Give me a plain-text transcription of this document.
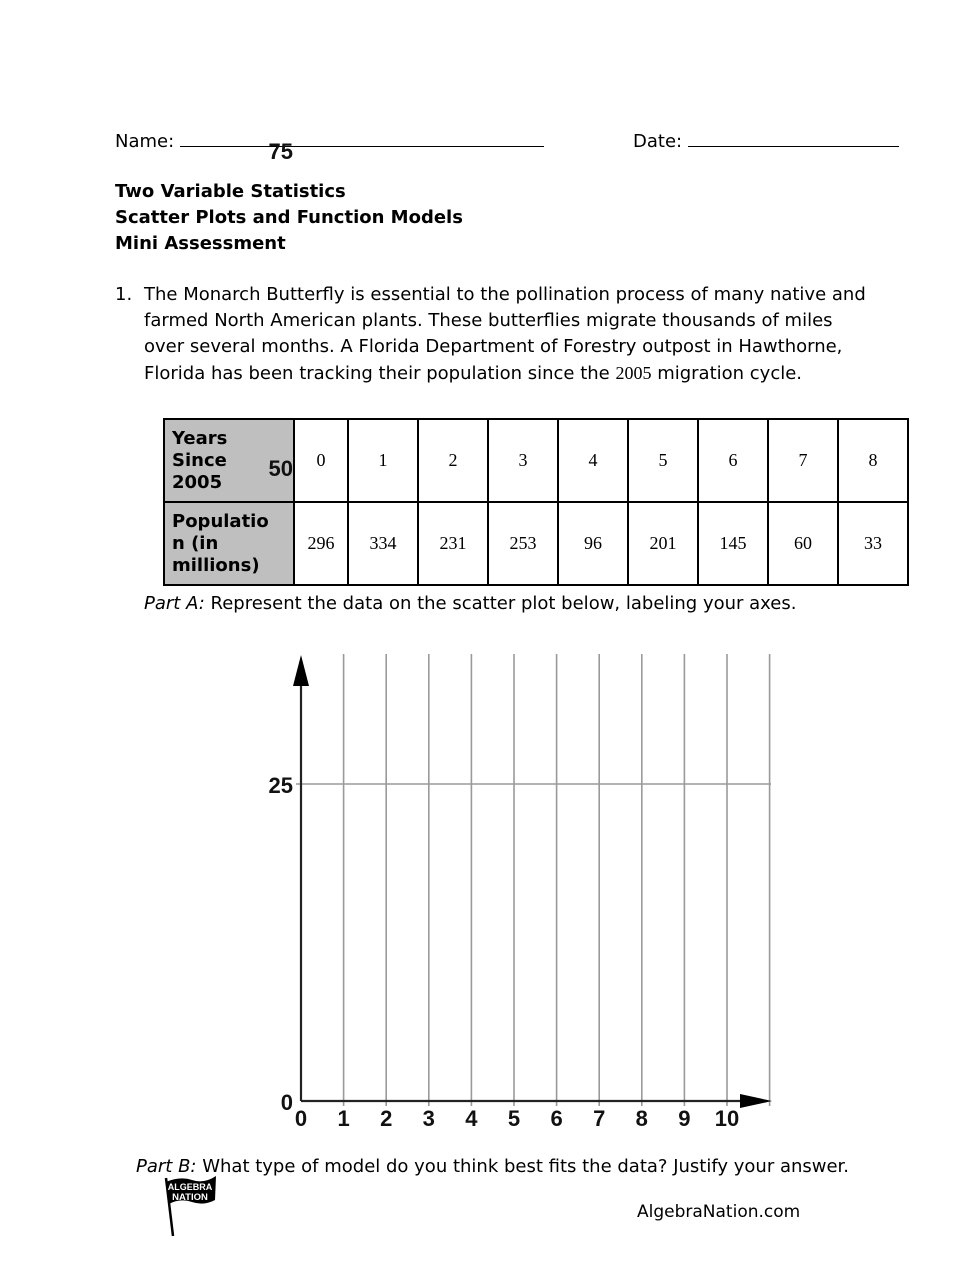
Name:	Date:
Two Variable Statistics
Scatter Plots and Function Models
Mini Assessment
1. The Monarch Butterfly is essential to the pollination process of many native and
farmed North American plants. These butterflies migrate thousands of miles
over several months. A Florida Department of Forestry outpost in Hawthorne,
Florida has been tracking their population since the 2005 migration cycle.
Years
Since
2005	0	1	2	3	4	5	6	7	8

Populatio
n (in
millions)	296	334	231	253	96	201	145	60	33
Part A: Represent the data on the scatter plot below, labeling your axes.
0 1 2 3 4 5 6 7 8 9 10
0
25
50
75
Part B: What type of model do you think best fits the data? Justify your answer.
ALGEBRA
NATION
AlgebraNation.com
